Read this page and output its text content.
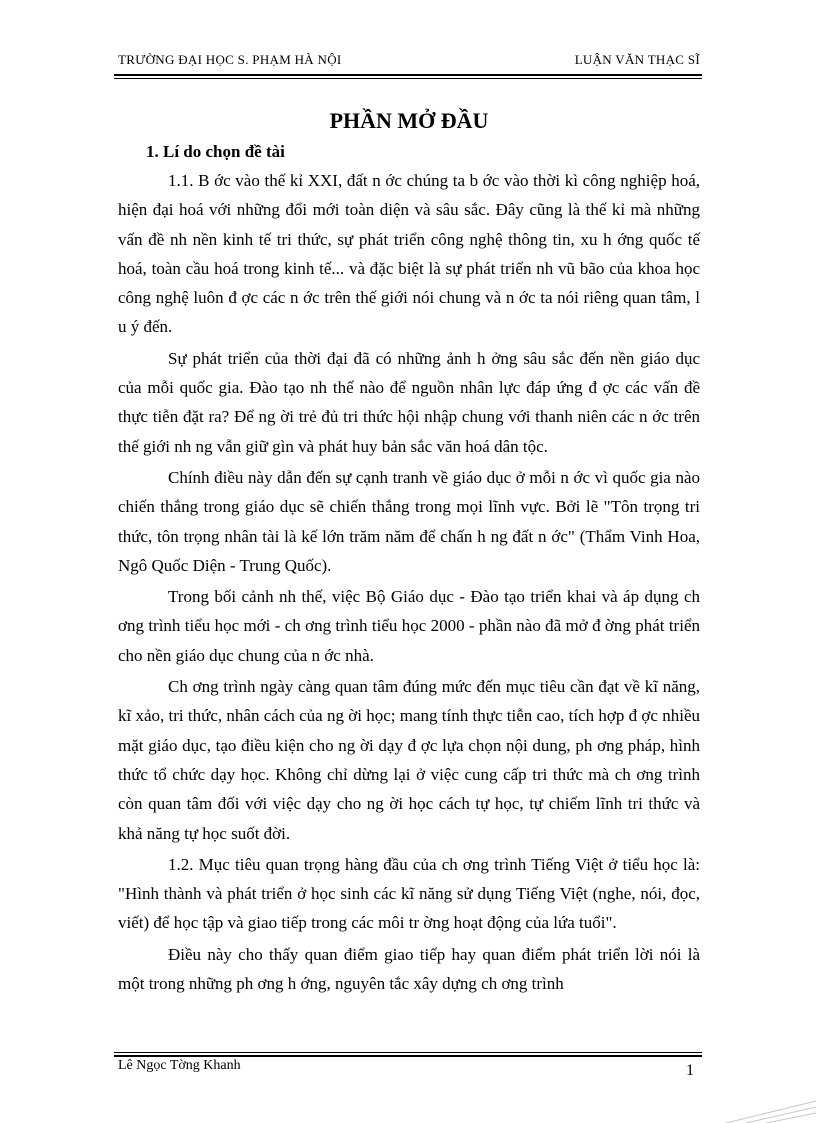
TRƯỜNG ĐẠI HỌC S. PHẠM HÀ NỘI	LUẬN VĂN THẠC SĨ
PHẦN MỞ ĐẦU
1. Lí do chọn đề tài

1.1. B ớc vào thế kỉ XXI, đất n ớc chúng ta b ớc vào thời kì công nghiệp hoá, hiện đại hoá với những đổi mới toàn diện và sâu sắc. Đây cũng là thế kỉ mà những vấn đề nh nền kinh tế tri thức, sự phát triển công nghệ thông tin, xu h ớng quốc tế hoá, toàn cầu hoá trong kinh tế... và đặc biệt là sự phát triển nh vũ bão của khoa học công nghệ luôn đ ợc các n ớc trên thế giới nói chung và n ớc ta nói riêng quan tâm, l u ý đến.

Sự phát triển của thời đại đã có những ảnh h ởng sâu sắc đến nền giáo dục của mỗi quốc gia. Đào tạo nh thế nào để nguồn nhân lực đáp ứng đ ợc các vấn đề thực tiễn đặt ra? Để ng ời trẻ đủ tri thức hội nhập chung với thanh niên các n ớc trên thế giới nh ng vẫn giữ gìn và phát huy bản sắc văn hoá dân tộc.

Chính điều này dẫn đến sự cạnh tranh về giáo dục ở mỗi n ớc vì quốc gia nào chiến thắng trong giáo dục sẽ chiến thắng trong mọi lĩnh vực. Bởi lẽ "Tôn trọng tri thức, tôn trọng nhân tài là kế lớn trăm năm để chấn h ng đất n ớc" (Thẩm Vinh Hoa, Ngô Quốc Diện - Trung Quốc).

Trong bối cảnh nh thế, việc Bộ Giáo dục - Đào tạo triển khai và áp dụng ch ơng trình tiểu học mới - ch ơng trình tiểu học 2000 - phần nào đã mở đ ờng phát triển cho nền giáo dục chung của n ớc nhà.

Ch ơng trình ngày càng quan tâm đúng mức đến mục tiêu cần đạt về kĩ năng, kĩ xảo, tri thức, nhân cách của ng ời học; mang tính thực tiễn cao, tích hợp đ ợc nhiều mặt giáo dục, tạo điều kiện cho ng ời dạy đ ợc lựa chọn nội dung, ph ơng pháp, hình thức tổ chức dạy học. Không chỉ dừng lại ở việc cung cấp tri thức mà ch ơng trình còn quan tâm đối với việc dạy cho ng ời học cách tự học, tự chiếm lĩnh tri thức và khả năng tự học suốt đời.

1.2. Mục tiêu quan trọng hàng đầu của ch ơng trình Tiếng Việt ở tiểu học là: "Hình thành và phát triển ở học sinh các kĩ năng sử dụng Tiếng Việt (nghe, nói, đọc, viết) để học tập và giao tiếp trong các môi tr ờng hoạt động của lứa tuổi".

Điều này cho thấy quan điểm giao tiếp hay quan điểm phát triển lời nói là một trong những ph ơng h ớng, nguyên tắc xây dựng ch ơng trình

Lê Ngọc Tờng Khanh	1
